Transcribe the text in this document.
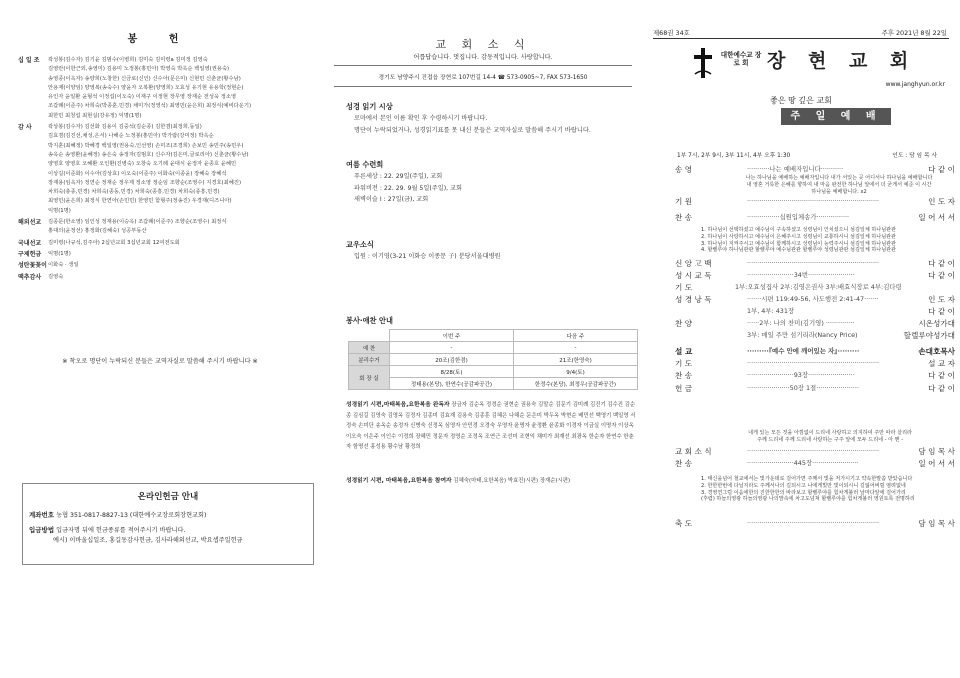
봉 헌
십 일 조	곽성봉(김수자) 김기윤 김범수(이병희) 김미숙 김미령a 김미정 김영숙
김영란(이한근외,송영미) 김용미 노정봉(홍민아) 박영숙 박옥순 백일영(권용숙)
송영종(이옥자) 송양희(노창한) 신금로(신인) 신수아(문은미) 신현민 신춘균(황수남)
안용재(이양임) 양영복(송숙수) 양윤자 오복환(양영희) 오효성 유기현 유용학(정현순)
유인자 윤일환 윤형석 이정섭(이오숙) 이재구 이정현 장무영 장재순 전성욱 정소영
조갑례(이준주) 차희숙(박종훈,민경) 채미가(정영석) 최영민(윤은희) 최정식(예비다운기)
최한민 최청섭 최현실(강유정) 익명(1명)
감 사	곽상봉(김수자) 김선화 김용이 김중석(김순종) 김한겸(최정희,동일)
김효겸(김진선,채성,은서) 나해순 노정봉(홍민아) 박가람(강미정) 박옥순
박지훈(최혜정) 박혜경 백일영(권용숙,인선영) 손미조(조경희) 손보민 송민주(송민우)
송옥순 송영환(윤혜정) 송은숙 송정자(김범호) 신수자(김은미,글로리아) 신춘균(황수남)
양영호 양영호 오혜환 오인환(진병숙) 오창숙 오기례 윤대식 윤정자 윤종호 윤혜민
이상길(이준화) 이수아(김상효) 이오숙(이준주) 이화숙(이종윤) 장혜숙 장혜석
장재용(임옥자) 정연순 정재순 정우제 정소영 정순임 조향순(조영수) 지경호(최혜진)
차희숙(총종,민경) 차희숙(종동,민경) 차희숙(종흥,민경) 차희숙(종흥,민경)
최영민(윤은희) 최정식 한연아(손민민) 한영민 함형주(정송진) 우경재(디즈니아)
익명(1명)
해외선교	김종문(한소영) 임인성 정재용(이승옥) 조갑례(이준주) 조향순(조영수) 최정식
홍대의(윤정선) 홍정화(김혜숙) 성공부동산
국내선교	김미령(나규석,김주아) 2십년교회 3십년교회 12여전도회
구제헌금	익명(1명)
성탄꽃꽂이 이화숙 · 생일
맥추감사	김영숙
※ 착오로 명단이 누락되신 분들은 교역자실로 말씀해 주시기 바랍니다 ※
온라인헌금 안내
계좌번호 농협 351-0817-8827-13 (대한예수교장로회장현교회)
입금방법 입금자명 뒤에 헌금종류를 적어주시기 바랍니다.
예시) 이바울십일조, 홍길동감사헌금, 김사라해외선교, 박요셉주일헌금
교 회 소 식
어릅답습니다. 멋집니다. 감동적입니다. 사랑합니다.
경기도 남양주시 진접읍 장현로 107번길 14-4 ☎ 573-0905~7, FAX 573-1650
성경 읽기 시상
로마에서 본인 이름 확인 후 수령하시기 바랍니다.
명단이 누락되었거나, 성경읽기표를 못 내신 분들은 교역자실로 말씀해 주시기 바랍니다.
여름 수련회
푸른세상 : 22. 29일(주일), 교회
파워비전 : 22. 29. 9월 5일(주일), 교회
새벽이슬 I : 27일(금), 교회
교우소식
입원 : 이기영(3-21 이화승 이종문 子) 분당서울대병원
봉사·애찬 안내
	이번 주	다음 주
예 찬	-	-
분리수거	20조(김한겸)	21조(한영숙)
회 장 실	8/28(토)	9/4(토)
	정태용(본당), 한연수(공감파공간)	한정수(본당), 최정우(공감파공간)
성경읽기 시편,마태복음,요한복음 완독자 장금자 김순옥 정경순 권현순 권용숙 김말순 김문기 김미례 김진기 김수진 김순종 김심길 김영숙 김영옥 김정자 김종미 김효재 김용숙 김종훈 김혜은 나해순 문은미 박두옥 박현순 배민선 백영기 백일영 서정숙 손미단 송옥순 송정자 신병숙 신정옥 심영자 안민경 오경숙 우영자 윤명자 윤정환 윤종화 이경자 이금실 이명자 이상옥 이오숙 이은주 이인수 이정희 장혜민 정문자 정영순 조정옥 조연근 조선미 조현익 채미가 최재선 최광옥 한순자 한연수 한춘자 함명선 홍성용 황수남 황정희
성경읽기 시편, 마태복음,요한복음 참여자 김혜숙(마태,요한복음) 박효진(시편) 장재순(시편)
제68권 34호	주후 2021년 8월 22일
대한예수교 장 로 회 장 현 교 회
www.janghyun.or.kr
좋은 땅 깊은 교회
주 일 예 배
1부 7시, 2부 9시, 3부 11시, 4부 오후 1:30	인도 : 담 임 목 사
송 영	···········나는 예배자입니다···········	다 같 이
기 원	·································································	인 도 자
찬 송	················십원입체송가················	일 어 서 서
신 앙 고 백	·································································	다 같 이
성 시 교 독	·······················34번·······················	다 같 이
기 도	1부:오효성집사 2부:김영은권사 3부:배효식장로 4부:김다령
성 경 낭 독	·······시편 119:49-56, 사도행전 2:41-47·······	인 도 자
1부, 4부: 431장	다 같 이
찬 양	······2부: 나의 찬미(김기영) ··············	시온성가대
3부: 매일 주만 섬기리라(Nancy Price)	할렐루야성가대
설 교	·········『예수 안에 깨어있는 자』·········	손대호목사
기 도	·································································	설 교 자
찬 송	·······················93장·······················	다 같 이
헌 금	·····················50장 1절·····················	다 같 이
교 회 소 식	·································································	담 임 목 사
찬 송	·······················445장·······················	일 어 서 서
축 도	·································································	담 임 목 사
나는 하나님을 예배하는 예배자입니다 내가 서있는 곳 어디서나 하나님을 예배합니다
내 영혼 거룩한 은혜를 향하여 내 마음 완전한 하나님 앞에서 더 굳게서 예준 이 시간
하나님을 예배합니다. x2
1. 하나님이 선택하셨고 예수님이 구속하셨고 성령님이 인치셨으니 섬김일체 하나님관관
2. 하나님이 사랑하시고 예수님이 은혜주시고 성령님이 교통하시니 섬김일체 하나님관관
3. 하나님이 지켜주시고 예수님이 함께하시고 성령님이 능력주시니 섬김일체 하나님관관
4. 할렐루야 하나님관관 할렐루야 예수님관관 할렐루야 성령님관관 섬김일체 하나님관관
내게 있는 모든 것을 아낌없이 드리네 사랑하고 의지하여 주만 따라 살리라
주께 드리네 주께 드리네 사랑하는 구주 앞에 모두 드리네 - 아 멘 -
1. 태신을넘어 철교에서는 빛가운데로 걸어가면 주께서 빛을 저가시기고 약속한말씀 받았습니다
2. 한한한번에 다닐지라도 주께서나의 길되시고 나에게빛만 빛이되시니 길잃어버릴 염려없네
3. 경영연그럴 이음에한의 진한한한의 바라보고 할렐루야를 힘차게불러 날마다앞에 걸어가리
(후렴) 하늘의영광 하늘의영광 나의맘속에 차고도넘쳐 할렐루야를 힘차게불러 영원토록 전명하리
